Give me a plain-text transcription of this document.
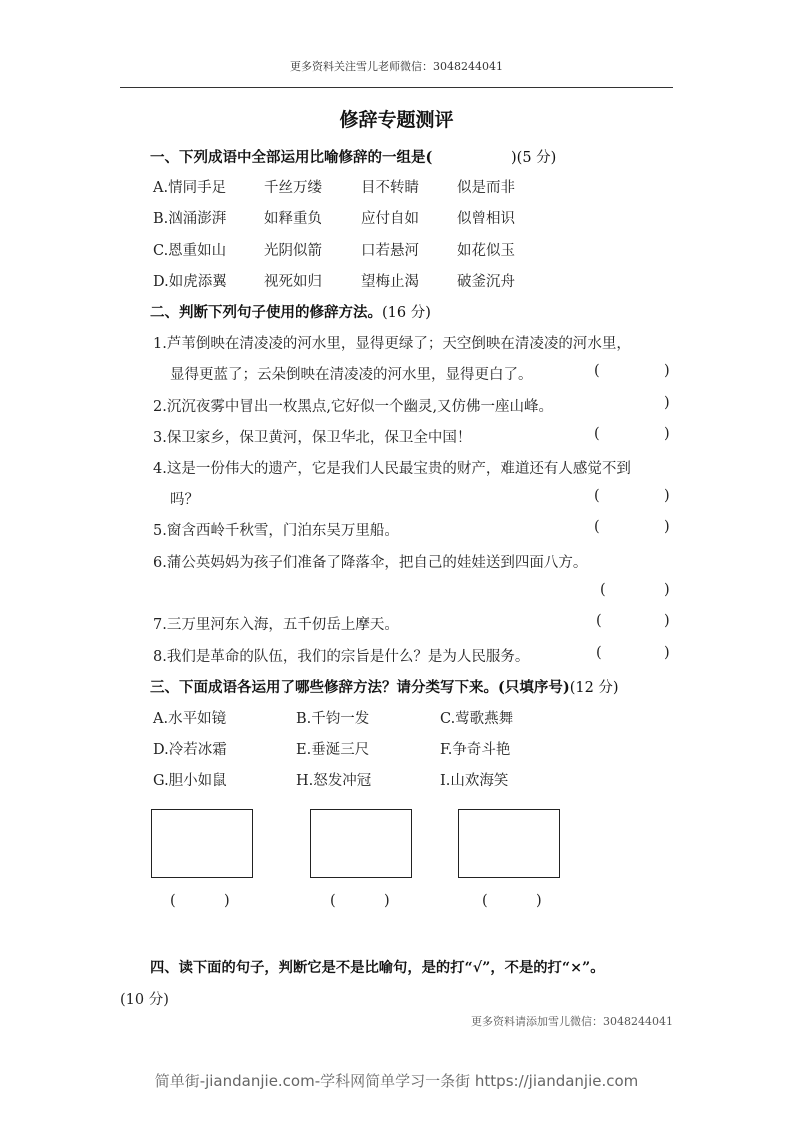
更多资料关注雪儿老师微信：3048244041
修辞专题测评
一、下列成语中全部运用比喻修辞的一组是(	)(5 分)
A.情同手足	千丝万缕	目不转睛	似是而非
B.汹涌澎湃	如释重负	应付自如	似曾相识
C.恩重如山	光阴似箭	口若悬河	如花似玉
D.如虎添翼	视死如归	望梅止渴	破釜沉舟
二、判断下列句子使用的修辞方法。(16 分)
1.芦苇倒映在清凌凌的河水里，显得更绿了；天空倒映在清凌凌的河水里，
显得更蓝了；云朵倒映在清凌凌的河水里，显得更白了。	(	)
2.沉沉夜雾中冒出一枚黑点,它好似一个幽灵,又仿佛一座山峰。	)
3.保卫家乡，保卫黄河，保卫华北，保卫全中国！	(	)
4.这是一份伟大的遗产，它是我们人民最宝贵的财产，难道还有人感觉不到
吗？	(	)
5.窗含西岭千秋雪，门泊东吴万里船。	(	)
6.蒲公英妈妈为孩子们准备了降落伞，把自己的娃娃送到四面八方。
(	)
7.三万里河东入海，五千仞岳上摩天。	(	)
8.我们是革命的队伍，我们的宗旨是什么？是为人民服务。	(	)
三、下面成语各运用了哪些修辞方法？请分类写下来。(只填序号)(12 分)
A.水平如镜	B.千钧一发	C.莺歌燕舞
D.冷若冰霜	E.垂涎三尺	F.争奇斗艳
G.胆小如鼠	H.怒发冲冠	I.山欢海笑
(	)	(	)	(	)
四、读下面的句子，判断它是不是比喻句，是的打“√”，不是的打“×”。
(10 分)
更多资料请添加雪儿微信：3048244041
简单街-jiandanjie.com-学科网简单学习一条街 https://jiandanjie.com
